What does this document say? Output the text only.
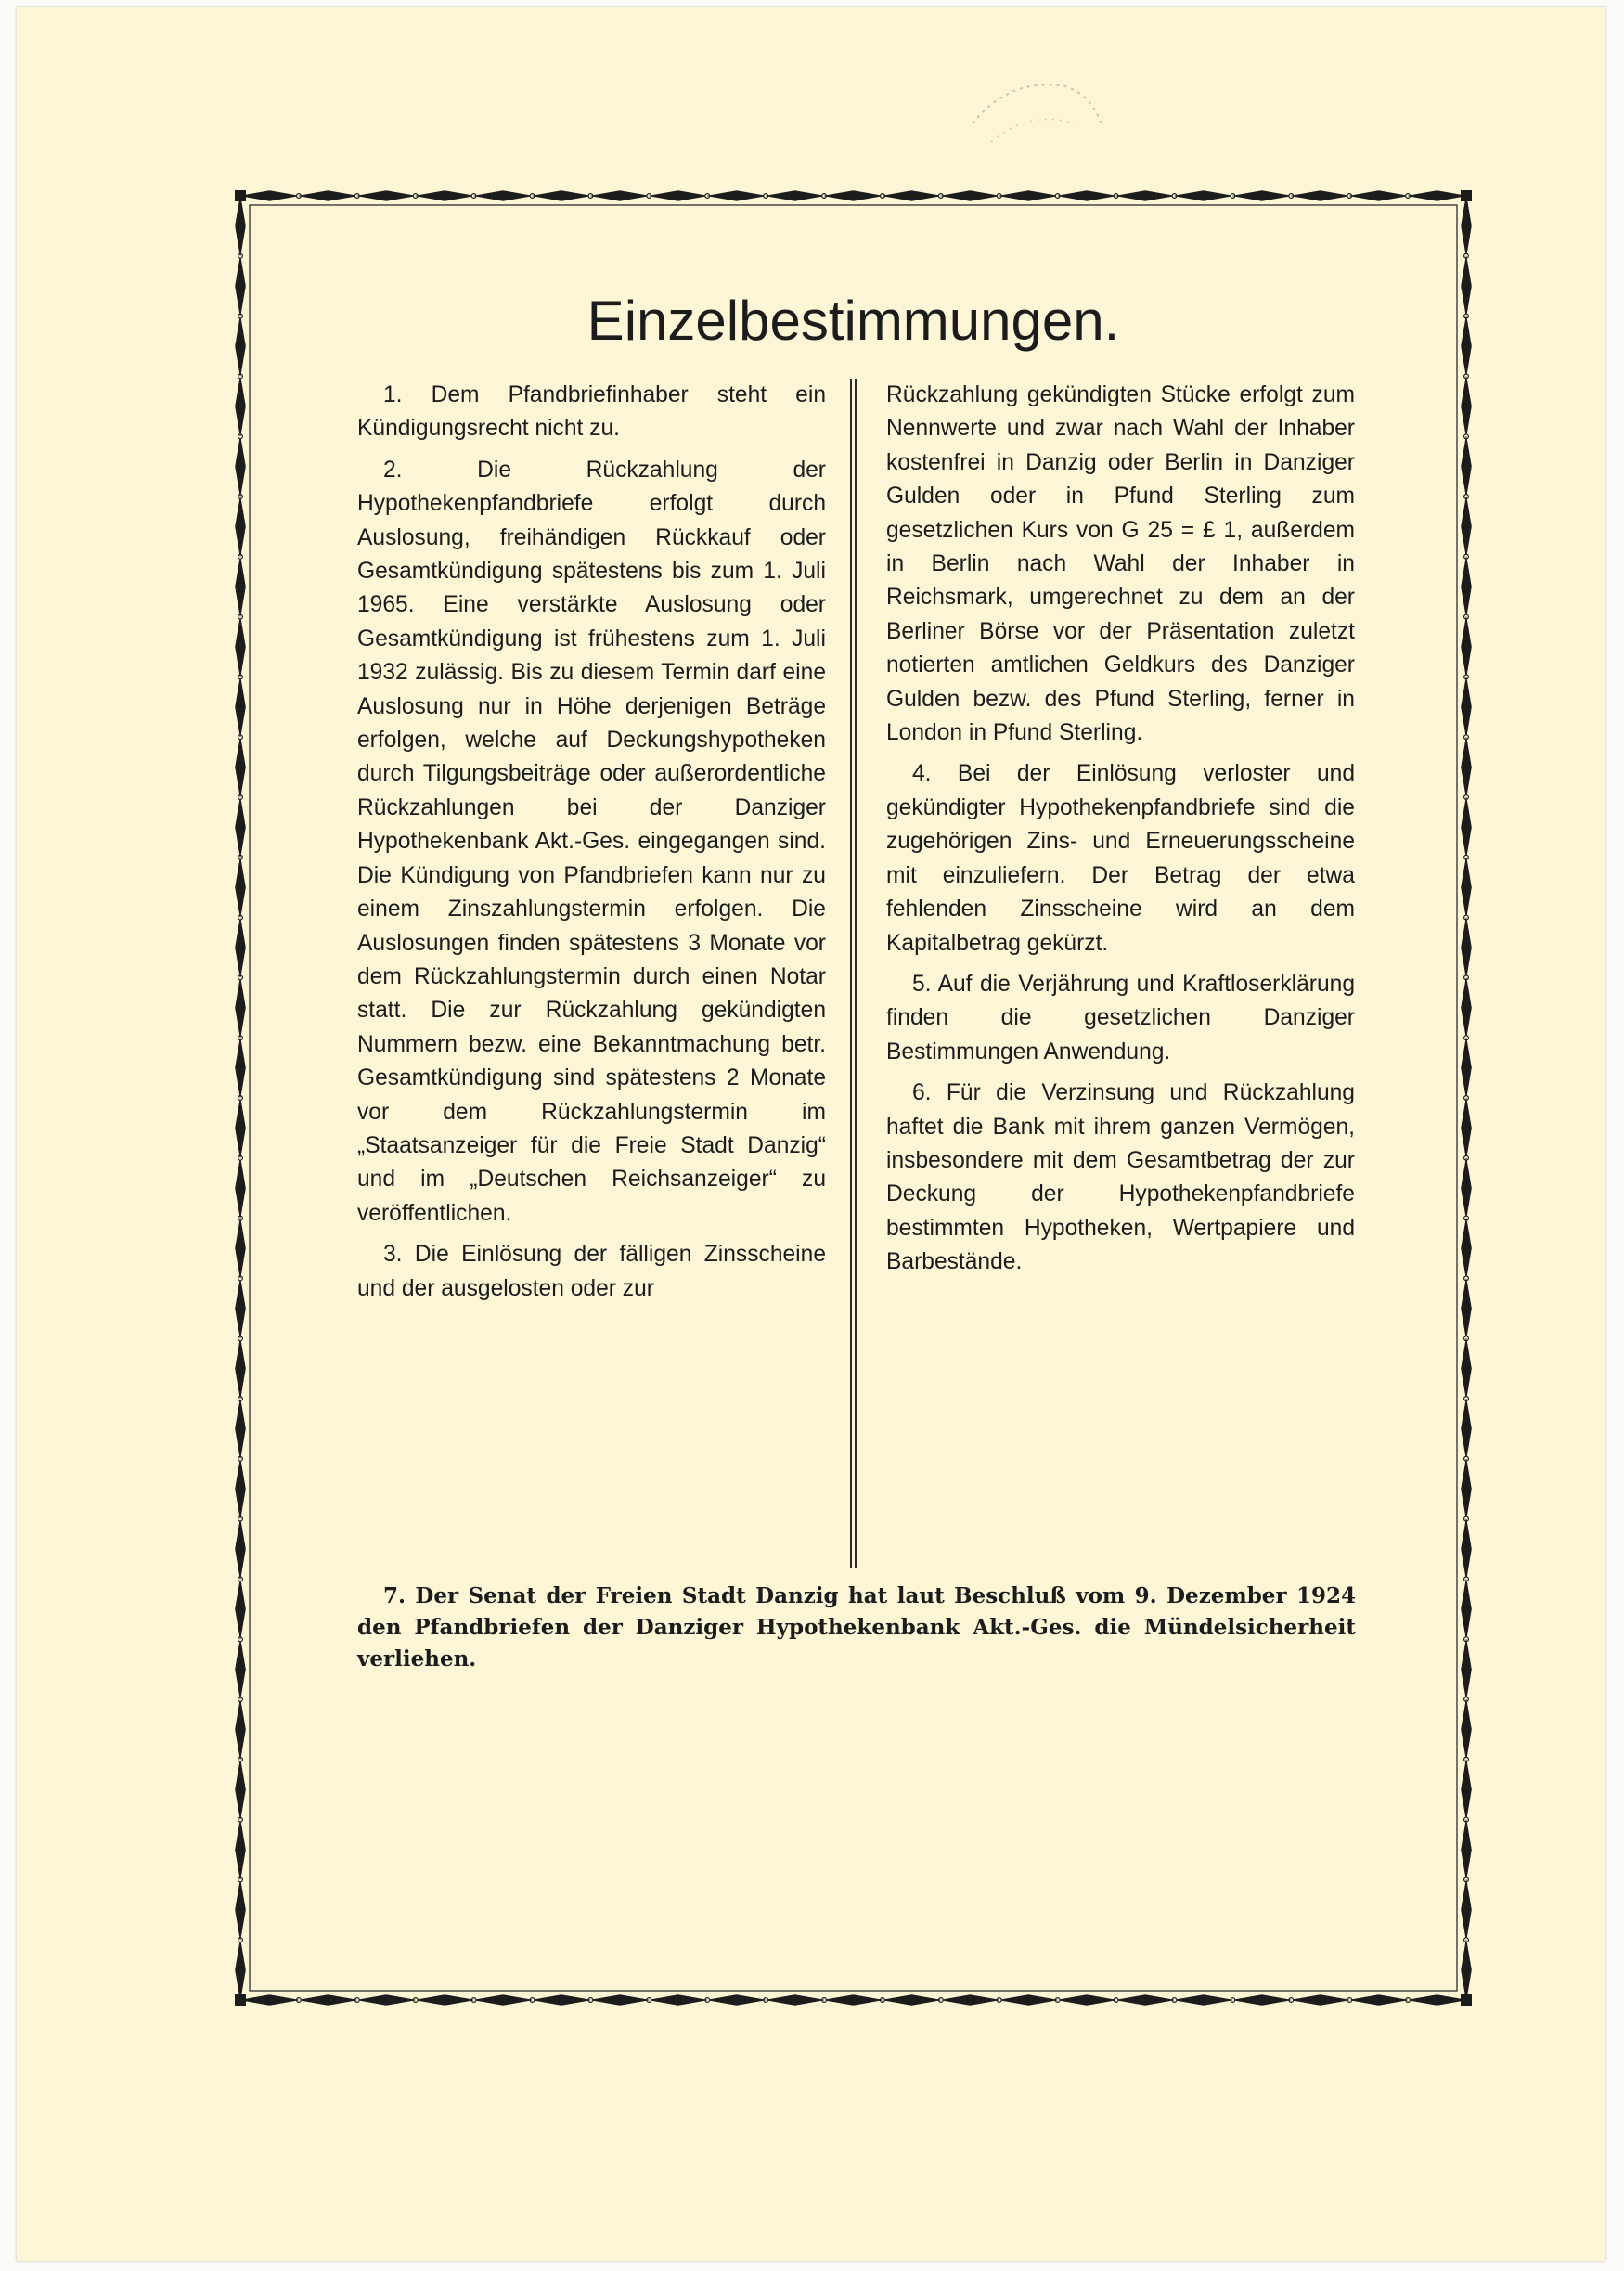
Einzelbestimmungen.

1. Dem Pfandbriefinhaber steht ein Kündigungsrecht nicht zu.

2. Die Rückzahlung der Hypothekenpfandbriefe erfolgt durch Auslosung, freihändigen Rückkauf oder Gesamtkündigung spätestens bis zum 1. Juli 1965. Eine verstärkte Auslosung oder Gesamtkündigung ist frühestens zum 1. Juli 1932 zulässig. Bis zu diesem Termin darf eine Auslosung nur in Höhe derjenigen Beträge erfolgen, welche auf Deckungshypotheken durch Tilgungsbeiträge oder außerordentliche Rückzahlungen bei der Danziger Hypothekenbank Akt.-Ges. eingegangen sind. Die Kündigung von Pfandbriefen kann nur zu einem Zinszahlungstermin erfolgen. Die Auslosungen finden spätestens 3 Monate vor dem Rückzahlungstermin durch einen Notar statt. Die zur Rückzahlung gekündigten Nummern bezw. eine Bekanntmachung betr. Gesamtkündigung sind spätestens 2 Monate vor dem Rückzahlungstermin im „Staatsanzeiger für die Freie Stadt Danzig“ und im „Deutschen Reichsanzeiger“ zu veröffentlichen.

3. Die Einlösung der fälligen Zinsscheine und der ausgelosten oder zur

Rückzahlung gekündigten Stücke erfolgt zum Nennwerte und zwar nach Wahl der Inhaber kostenfrei in Danzig oder Berlin in Danziger Gulden oder in Pfund Sterling zum gesetzlichen Kurs von G 25 = £ 1, außerdem in Berlin nach Wahl der Inhaber in Reichsmark, umgerechnet zu dem an der Berliner Börse vor der Präsentation zuletzt notierten amtlichen Geldkurs des Danziger Gulden bezw. des Pfund Sterling, ferner in London in Pfund Sterling.

4. Bei der Einlösung verloster und gekündigter Hypothekenpfandbriefe sind die zugehörigen Zins- und Erneuerungsscheine mit einzuliefern. Der Betrag der etwa fehlenden Zinsscheine wird an dem Kapitalbetrag gekürzt.

5. Auf die Verjährung und Kraftloserklärung finden die gesetzlichen Danziger Bestimmungen Anwendung.

6. Für die Verzinsung und Rückzahlung haftet die Bank mit ihrem ganzen Vermögen, insbesondere mit dem Gesamtbetrag der zur Deckung der Hypothekenpfandbriefe bestimmten Hypotheken, Wertpapiere und Barbestände.

7. Der Senat der Freien Stadt Danzig hat laut Beschluß vom 9. Dezember 1924 den Pfandbriefen der Danziger Hypothekenbank Akt.-Ges. die Mündelsicherheit verliehen.
